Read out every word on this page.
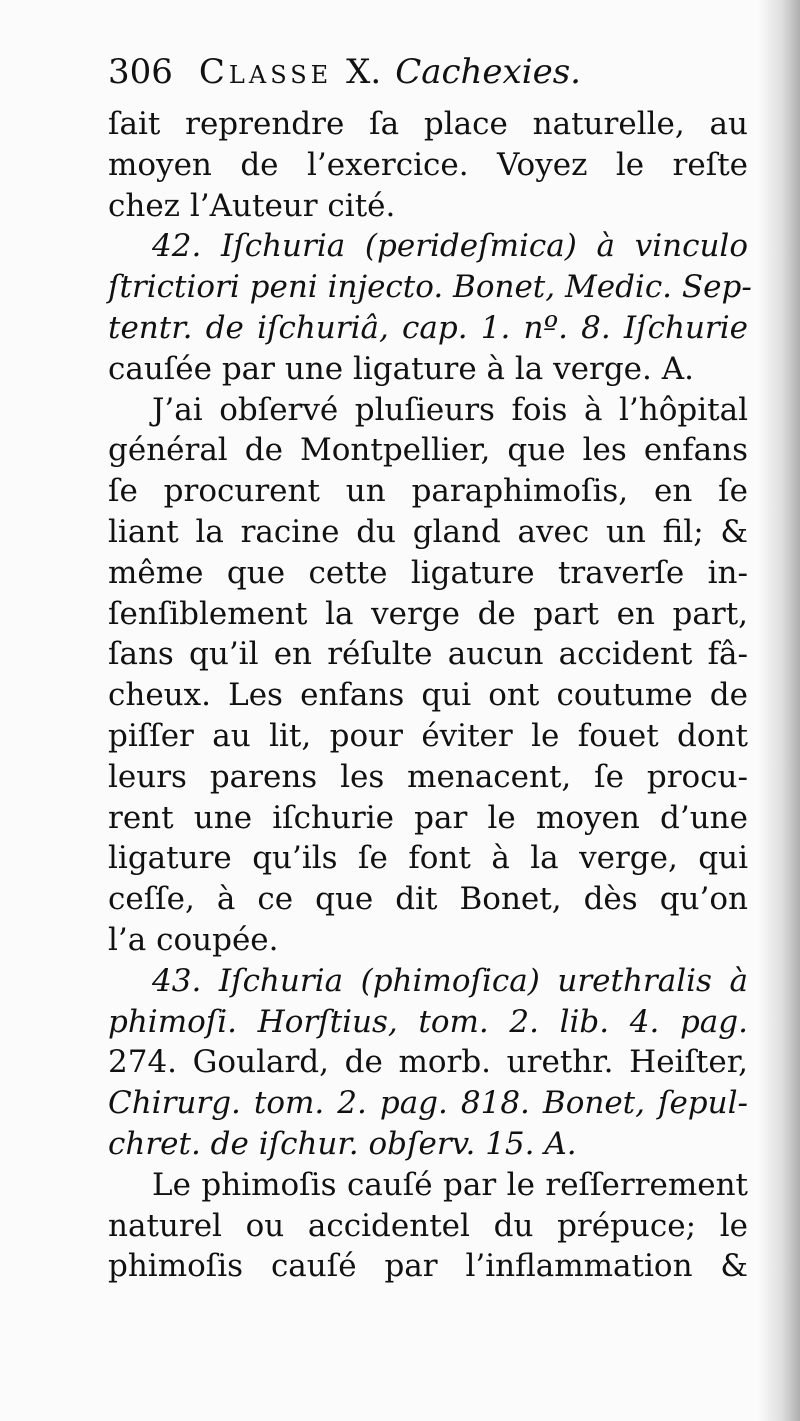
306 Classe X. Cachexies.
ſait reprendre ſa place naturelle, au
moyen de l’exercice. Voyez le reſte
chez l’Auteur cité.
42. Iſchuria (perideſmica) à vinculo
ſtrictiori peni injecto. Bonet, Medic. Sep-
tentr. de iſchuriâ, cap. 1. nº. 8. Iſchurie
cauſée par une ligature à la verge. A.
J’ai obſervé pluſieurs fois à l’hôpital
général de Montpellier, que les enfans
ſe procurent un paraphimoſis, en ſe
liant la racine du gland avec un fil; &
même que cette ligature traverſe in-
ſenſiblement la verge de part en part,
ſans qu’il en réſulte aucun accident fâ-
cheux. Les enfans qui ont coutume de
piſſer au lit, pour éviter le fouet dont
leurs parens les menacent, ſe procu-
rent une iſchurie par le moyen d’une
ligature qu’ils ſe font à la verge, qui
ceſſe, à ce que dit Bonet, dès qu’on
l’a coupée.
43. Iſchuria (phimoſica) urethralis à
phimoſi. Horſtius, tom. 2. lib. 4. pag.
274. Goulard, de morb. urethr. Heiſter,
Chirurg. tom. 2. pag. 818. Bonet, ſepul-
chret. de iſchur. obſerv. 15. A.
Le phimoſis cauſé par le reſſerrement
naturel ou accidentel du prépuce; le
phimoſis cauſé par l’inflammation &
